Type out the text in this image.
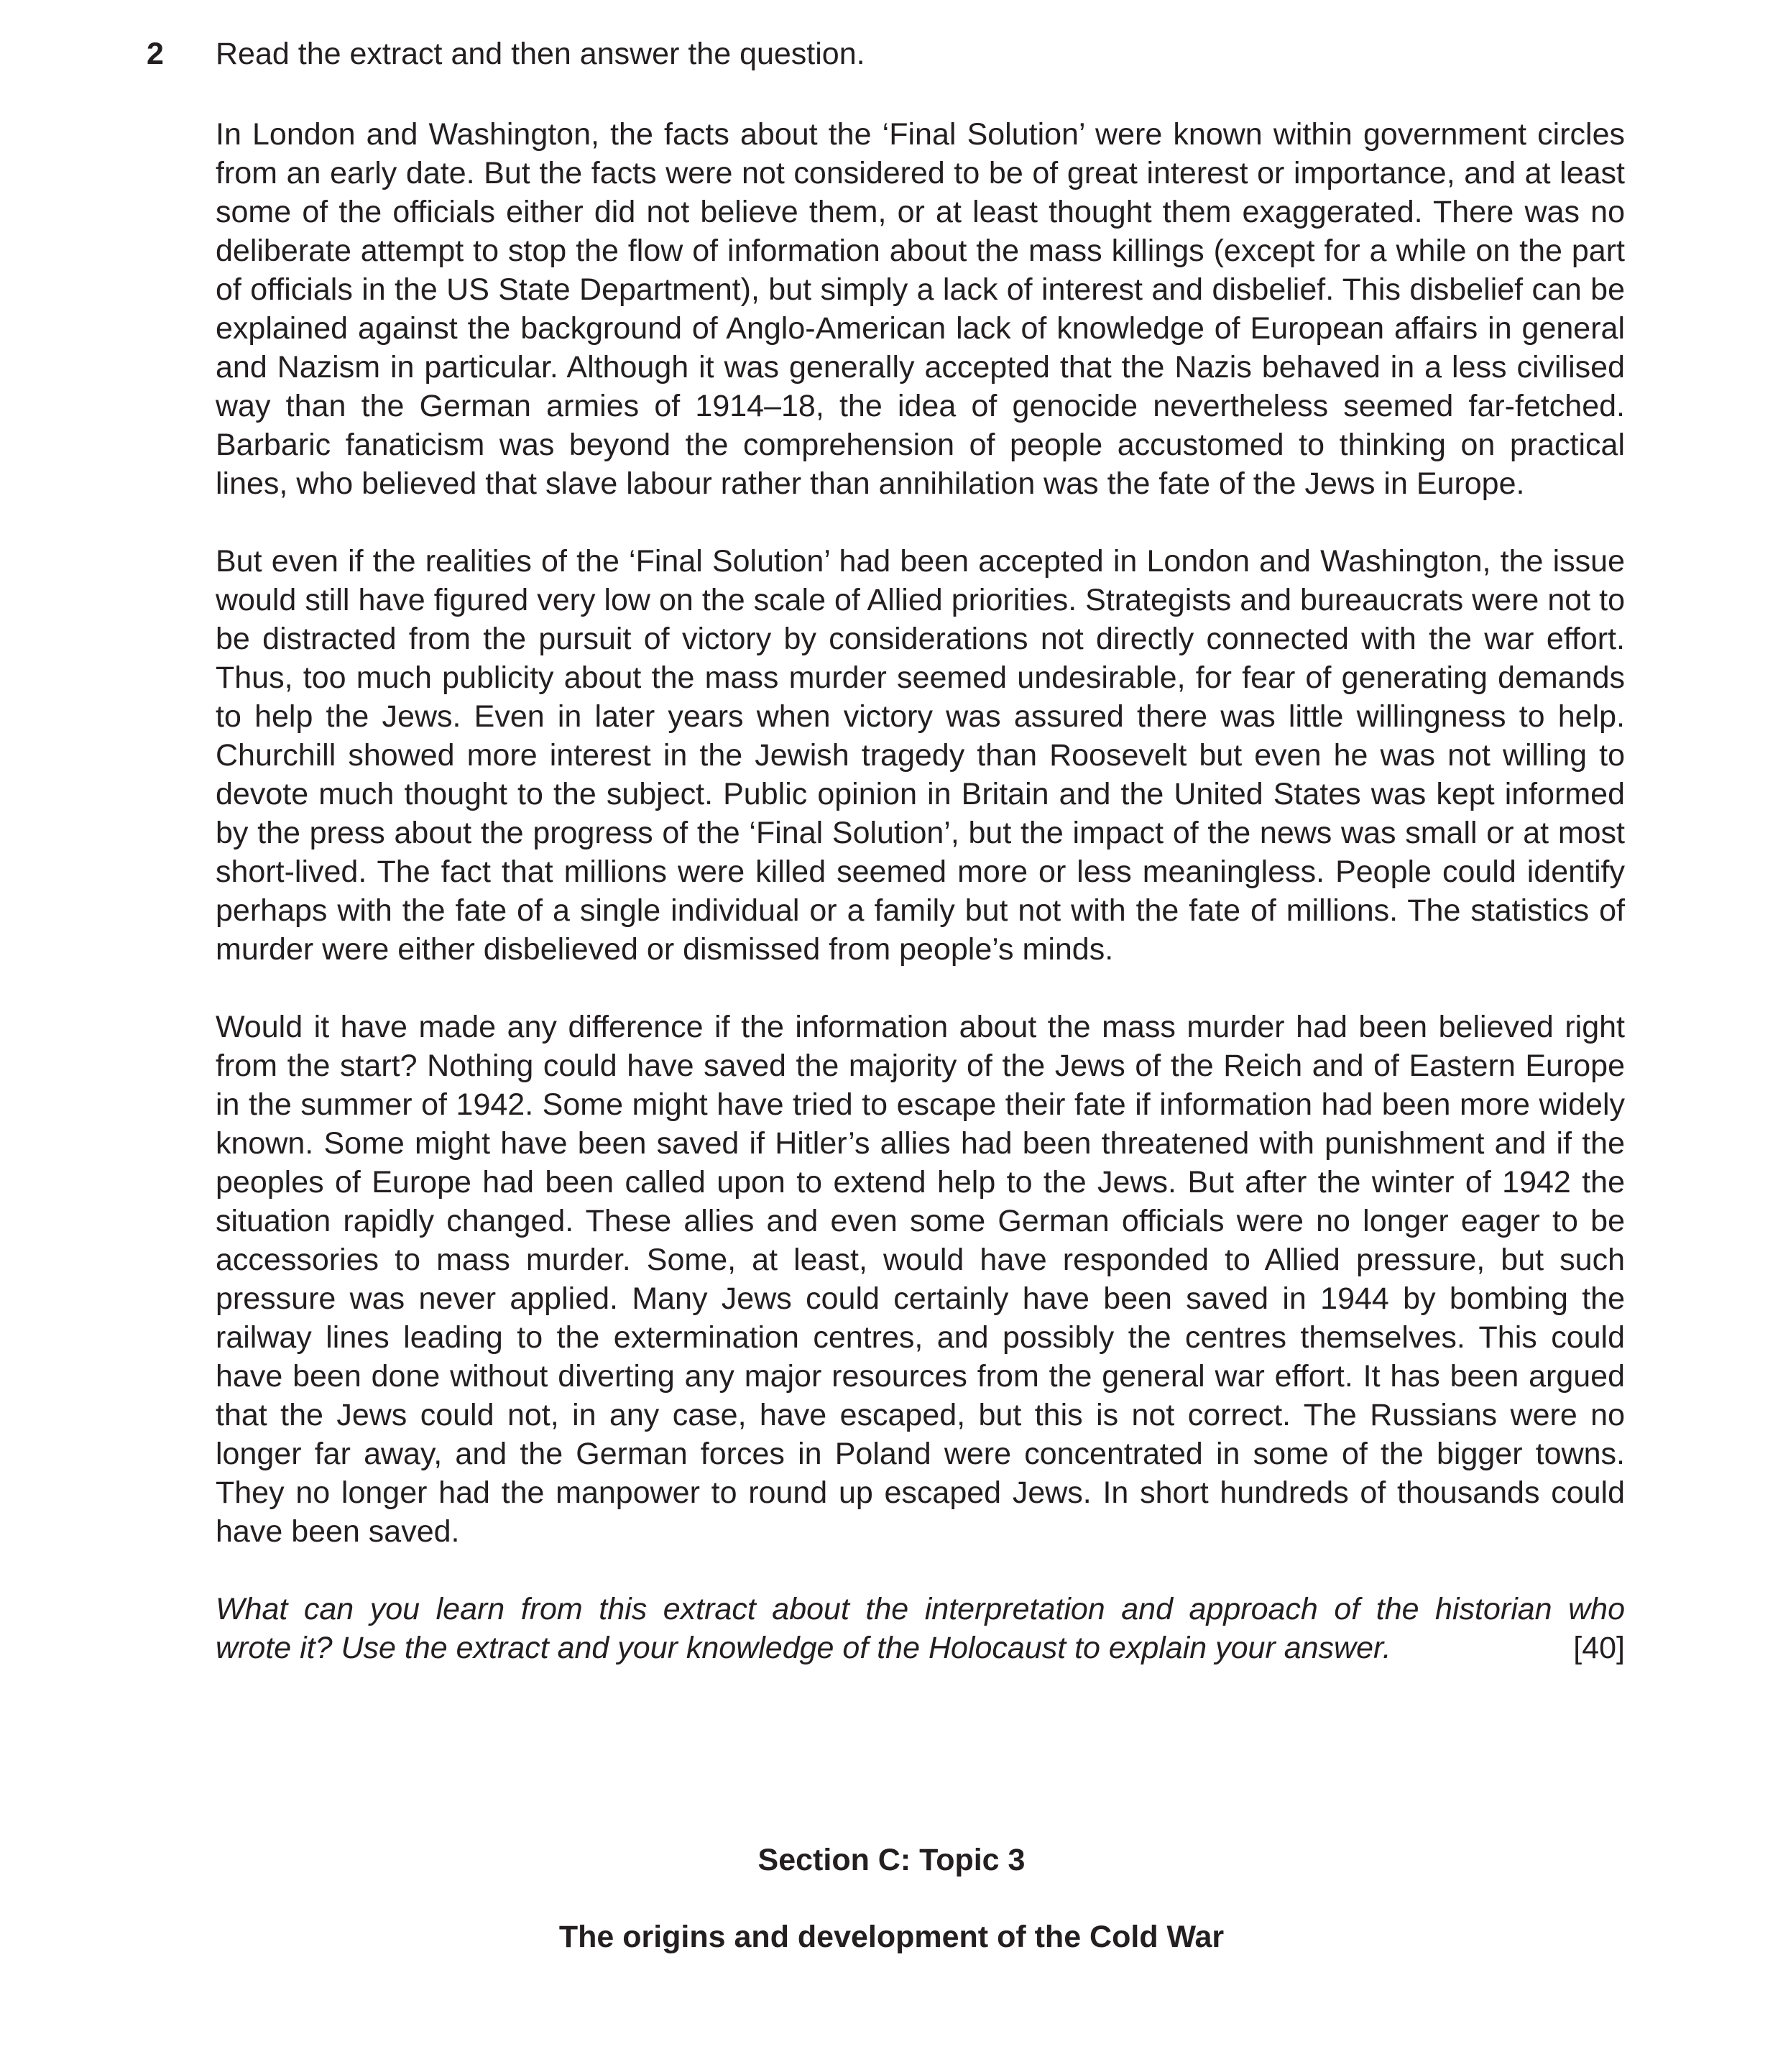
2 Read the extract and then answer the question.

In London and Washington, the facts about the ‘Final Solution’ were known within government circles from an early date. But the facts were not considered to be of great interest or importance, and at least some of the officials either did not believe them, or at least thought them exaggerated. There was no deliberate attempt to stop the flow of information about the mass killings (except for a while on the part of officials in the US State Department), but simply a lack of interest and disbelief. This disbelief can be explained against the background of Anglo-American lack of knowledge of European affairs in general and Nazism in particular. Although it was generally accepted that the Nazis behaved in a less civilised way than the German armies of 1914–18, the idea of genocide nevertheless seemed far-fetched. Barbaric fanaticism was beyond the comprehension of people accustomed to thinking on practical lines, who believed that slave labour rather than annihilation was the fate of the Jews in Europe.

But even if the realities of the ‘Final Solution’ had been accepted in London and Washington, the issue would still have figured very low on the scale of Allied priorities. Strategists and bureaucrats were not to be distracted from the pursuit of victory by considerations not directly connected with the war effort. Thus, too much publicity about the mass murder seemed undesirable, for fear of generating demands to help the Jews. Even in later years when victory was assured there was little willingness to help. Churchill showed more interest in the Jewish tragedy than Roosevelt but even he was not willing to devote much thought to the subject. Public opinion in Britain and the United States was kept informed by the press about the progress of the ‘Final Solution’, but the impact of the news was small or at most short-lived. The fact that millions were killed seemed more or less meaningless. People could identify perhaps with the fate of a single individual or a family but not with the fate of millions. The statistics of murder were either disbelieved or dismissed from people’s minds.

Would it have made any difference if the information about the mass murder had been believed right from the start? Nothing could have saved the majority of the Jews of the Reich and of Eastern Europe in the summer of 1942. Some might have tried to escape their fate if information had been more widely known. Some might have been saved if Hitler’s allies had been threatened with punishment and if the peoples of Europe had been called upon to extend help to the Jews. But after the winter of 1942 the situation rapidly changed. These allies and even some German officials were no longer eager to be accessories to mass murder. Some, at least, would have responded to Allied pressure, but such pressure was never applied. Many Jews could certainly have been saved in 1944 by bombing the railway lines leading to the extermination centres, and possibly the centres themselves. This could have been done without diverting any major resources from the general war effort. It has been argued that the Jews could not, in any case, have escaped, but this is not correct. The Russians were no longer far away, and the German forces in Poland were concentrated in some of the bigger towns. They no longer had the manpower to round up escaped Jews. In short hundreds of thousands could have been saved.

What can you learn from this extract about the interpretation and approach of the historian who
wrote it? Use the extract and your knowledge of the Holocaust to explain your answer.	[40]
Section C: Topic 3
The origins and development of the Cold War
